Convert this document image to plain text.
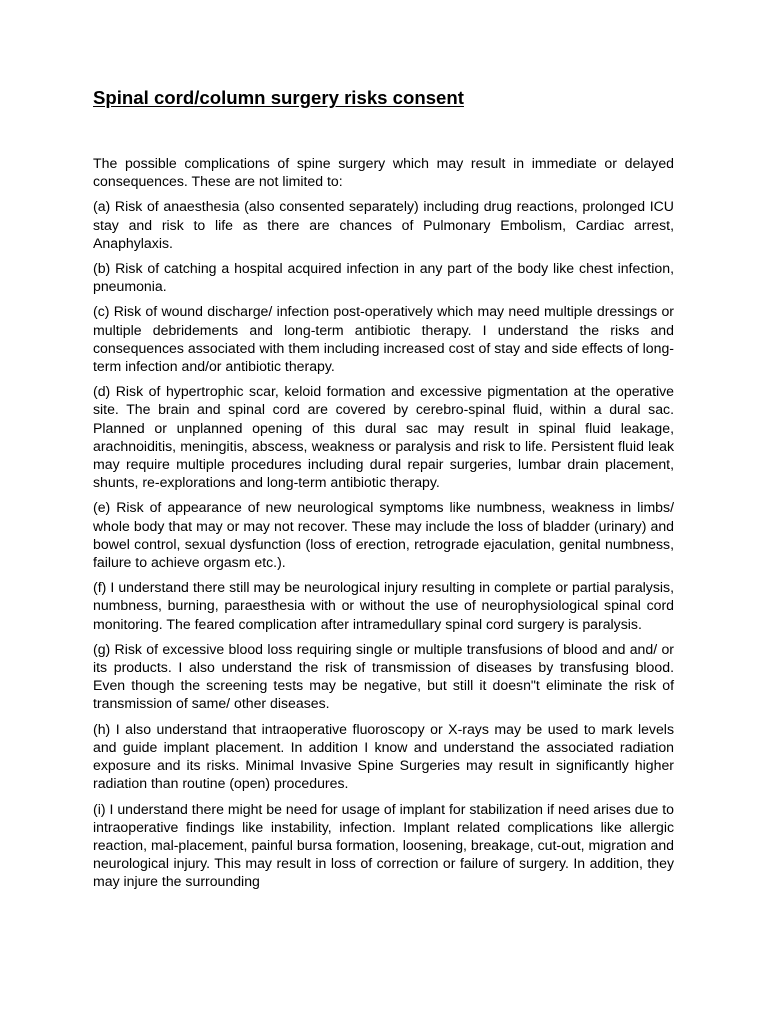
Spinal cord/column surgery risks consent

The possible complications of spine surgery which may result in immediate or delayed consequences. These are not limited to:

(a) Risk of anaesthesia (also consented separately) including drug reactions, prolonged ICU stay and risk to life as there are chances of Pulmonary Embolism, Cardiac arrest, Anaphylaxis.

(b) Risk of catching a hospital acquired infection in any part of the body like chest infection, pneumonia.

(c) Risk of wound discharge/ infection post-operatively which may need multiple dressings or multiple debridements and long-term antibiotic therapy. I understand the risks and consequences associated with them including increased cost of stay and side effects of long-term infection and/or antibiotic therapy.

(d) Risk of hypertrophic scar, keloid formation and excessive pigmentation at the operative site. The brain and spinal cord are covered by cerebro-spinal fluid, within a dural sac. Planned or unplanned opening of this dural sac may result in spinal fluid leakage, arachnoiditis, meningitis, abscess, weakness or paralysis and risk to life. Persistent fluid leak may require multiple procedures including dural repair surgeries, lumbar drain placement, shunts, re-explorations and long-term antibiotic therapy.

(e) Risk of appearance of new neurological symptoms like numbness, weakness in limbs/ whole body that may or may not recover. These may include the loss of bladder (urinary) and bowel control, sexual dysfunction (loss of erection, retrograde ejaculation, genital numbness, failure to achieve orgasm etc.).

(f) I understand there still may be neurological injury resulting in complete or partial paralysis, numbness, burning, paraesthesia with or without the use of neurophysiological spinal cord monitoring. The feared complication after intramedullary spinal cord surgery is paralysis.

(g) Risk of excessive blood loss requiring single or multiple transfusions of blood and and/ or its products. I also understand the risk of transmission of diseases by transfusing blood. Even though the screening tests may be negative, but still it doesn"t eliminate the risk of transmission of same/ other diseases.

(h) I also understand that intraoperative fluoroscopy or X-rays may be used to mark levels and guide implant placement. In addition I know and understand the associated radiation exposure and its risks. Minimal Invasive Spine Surgeries may result in significantly higher radiation than routine (open) procedures.

(i) I understand there might be need for usage of implant for stabilization if need arises due to intraoperative findings like instability, infection. Implant related complications like allergic reaction, mal-placement, painful bursa formation, loosening, breakage, cut-out, migration and neurological injury. This may result in loss of correction or failure of surgery. In addition, they may injure the surrounding
